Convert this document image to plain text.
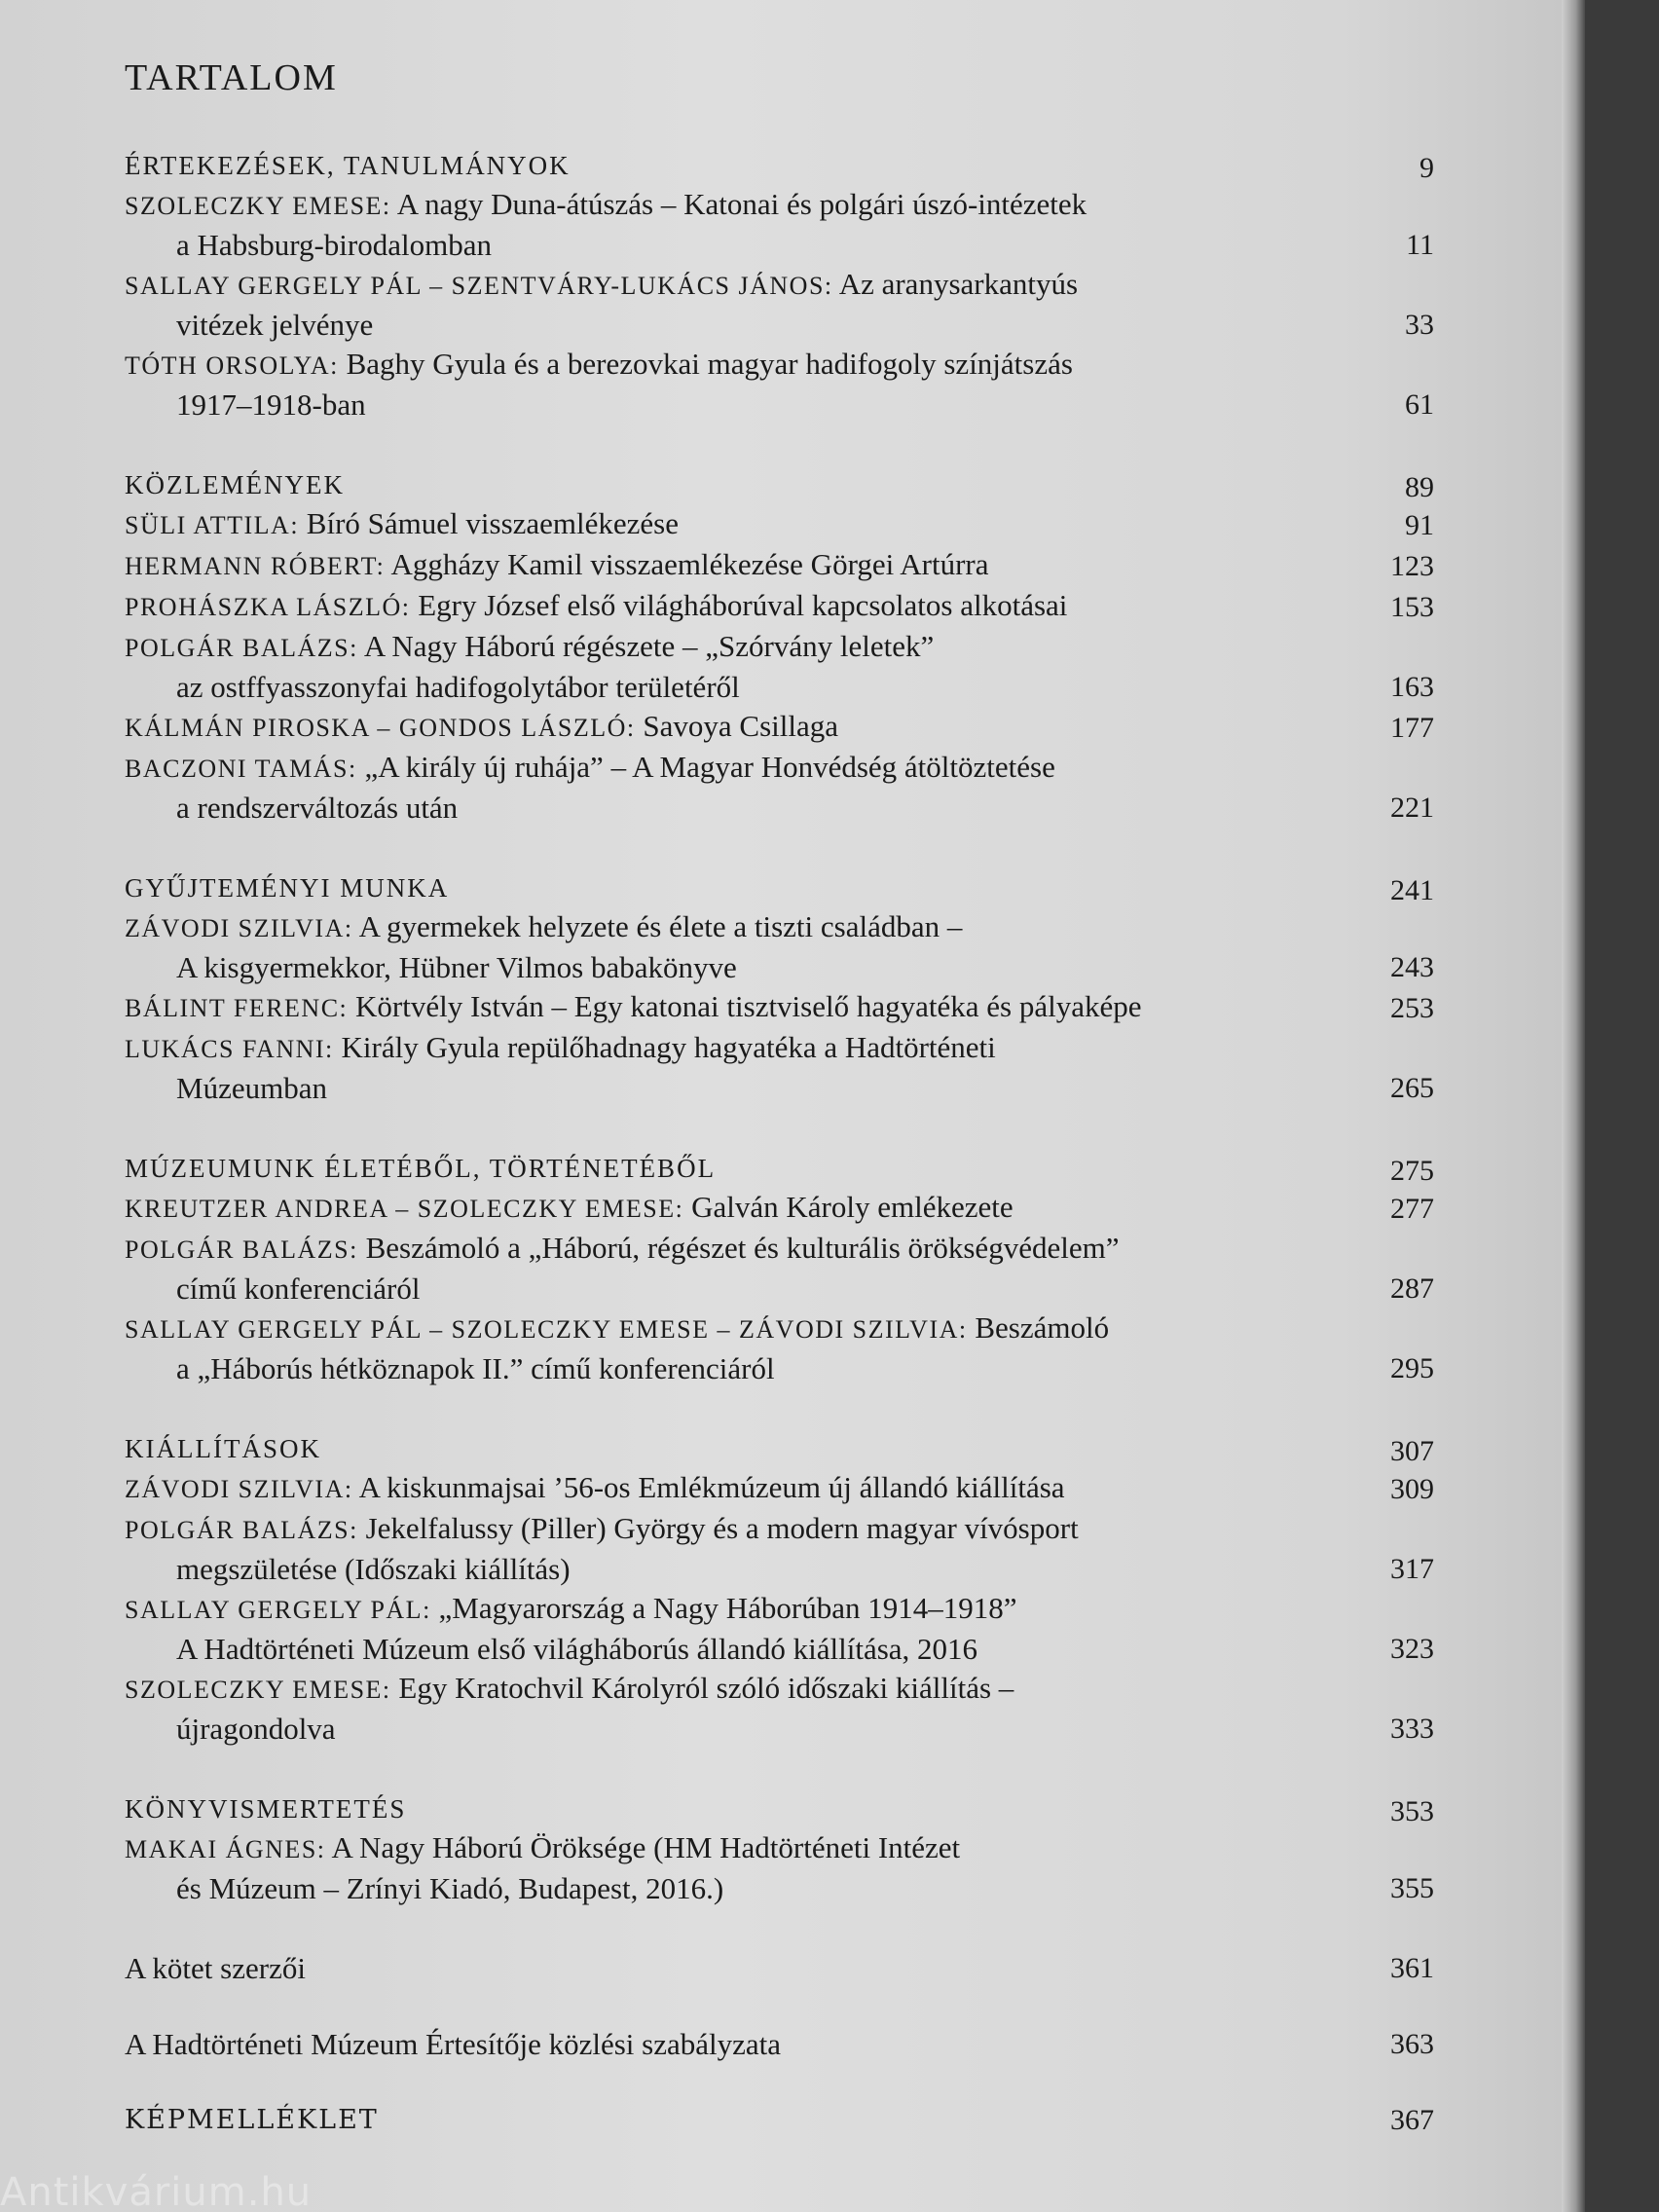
TARTALOM
ÉRTEKEZÉSEK, TANULMÁNYOK	9
SZOLECZKY EMESE: A nagy Duna-átúszás – Katonai és polgári úszó-intézetek
a Habsburg-birodalomban	11
SALLAY GERGELY PÁL – SZENTVÁRY-LUKÁCS JÁNOS: Az aranysarkantyús
vitézek jelvénye	33
TÓTH ORSOLYA: Baghy Gyula és a berezovkai magyar hadifogoly színjátszás
1917–1918-ban	61
KÖZLEMÉNYEK	89
SÜLI ATTILA: Bíró Sámuel visszaemlékezése	91
HERMANN RÓBERT: Aggházy Kamil visszaemlékezése Görgei Artúrra	123
PROHÁSZKA LÁSZLÓ: Egry József első világháborúval kapcsolatos alkotásai	153
POLGÁR BALÁZS: A Nagy Háború régészete – „Szórvány leletek”
az ostffyasszonyfai hadifogolytábor területéről	163
KÁLMÁN PIROSKA – GONDOS LÁSZLÓ: Savoya Csillaga	177
BACZONI TAMÁS: „A király új ruhája” – A Magyar Honvédség átöltöztetése
a rendszerváltozás után	221
GYŰJTEMÉNYI MUNKA	241
ZÁVODI SZILVIA: A gyermekek helyzete és élete a tiszti családban –
A kisgyermekkor, Hübner Vilmos babakönyve	243
BÁLINT FERENC: Körtvély István – Egy katonai tisztviselő hagyatéka és pályaképe	253
LUKÁCS FANNI: Király Gyula repülőhadnagy hagyatéka a Hadtörténeti
Múzeumban	265
MÚZEUMUNK ÉLETÉBŐL, TÖRTÉNETÉBŐL	275
KREUTZER ANDREA – SZOLECZKY EMESE: Galván Károly emlékezete	277
POLGÁR BALÁZS: Beszámoló a „Háború, régészet és kulturális örökségvédelem”
című konferenciáról	287
SALLAY GERGELY PÁL – SZOLECZKY EMESE – ZÁVODI SZILVIA: Beszámoló
a „Háborús hétköznapok II.” című konferenciáról	295
KIÁLLÍTÁSOK	307
ZÁVODI SZILVIA: A kiskunmajsai ’56-os Emlékmúzeum új állandó kiállítása	309
POLGÁR BALÁZS: Jekelfalussy (Piller) György és a modern magyar vívósport
megszületése (Időszaki kiállítás)	317
SALLAY GERGELY PÁL: „Magyarország a Nagy Háborúban 1914–1918”
A Hadtörténeti Múzeum első világháborús állandó kiállítása, 2016	323
SZOLECZKY EMESE: Egy Kratochvil Károlyról szóló időszaki kiállítás –
újragondolva	333
KÖNYVISMERTETÉS	353
MAKAI ÁGNES: A Nagy Háború Öröksége (HM Hadtörténeti Intézet
és Múzeum – Zrínyi Kiadó, Budapest, 2016.)	355
A kötet szerzői	361
A Hadtörténeti Múzeum Értesítője közlési szabályzata	363
KÉPMELLÉKLET	367
Antikvárium.hu
